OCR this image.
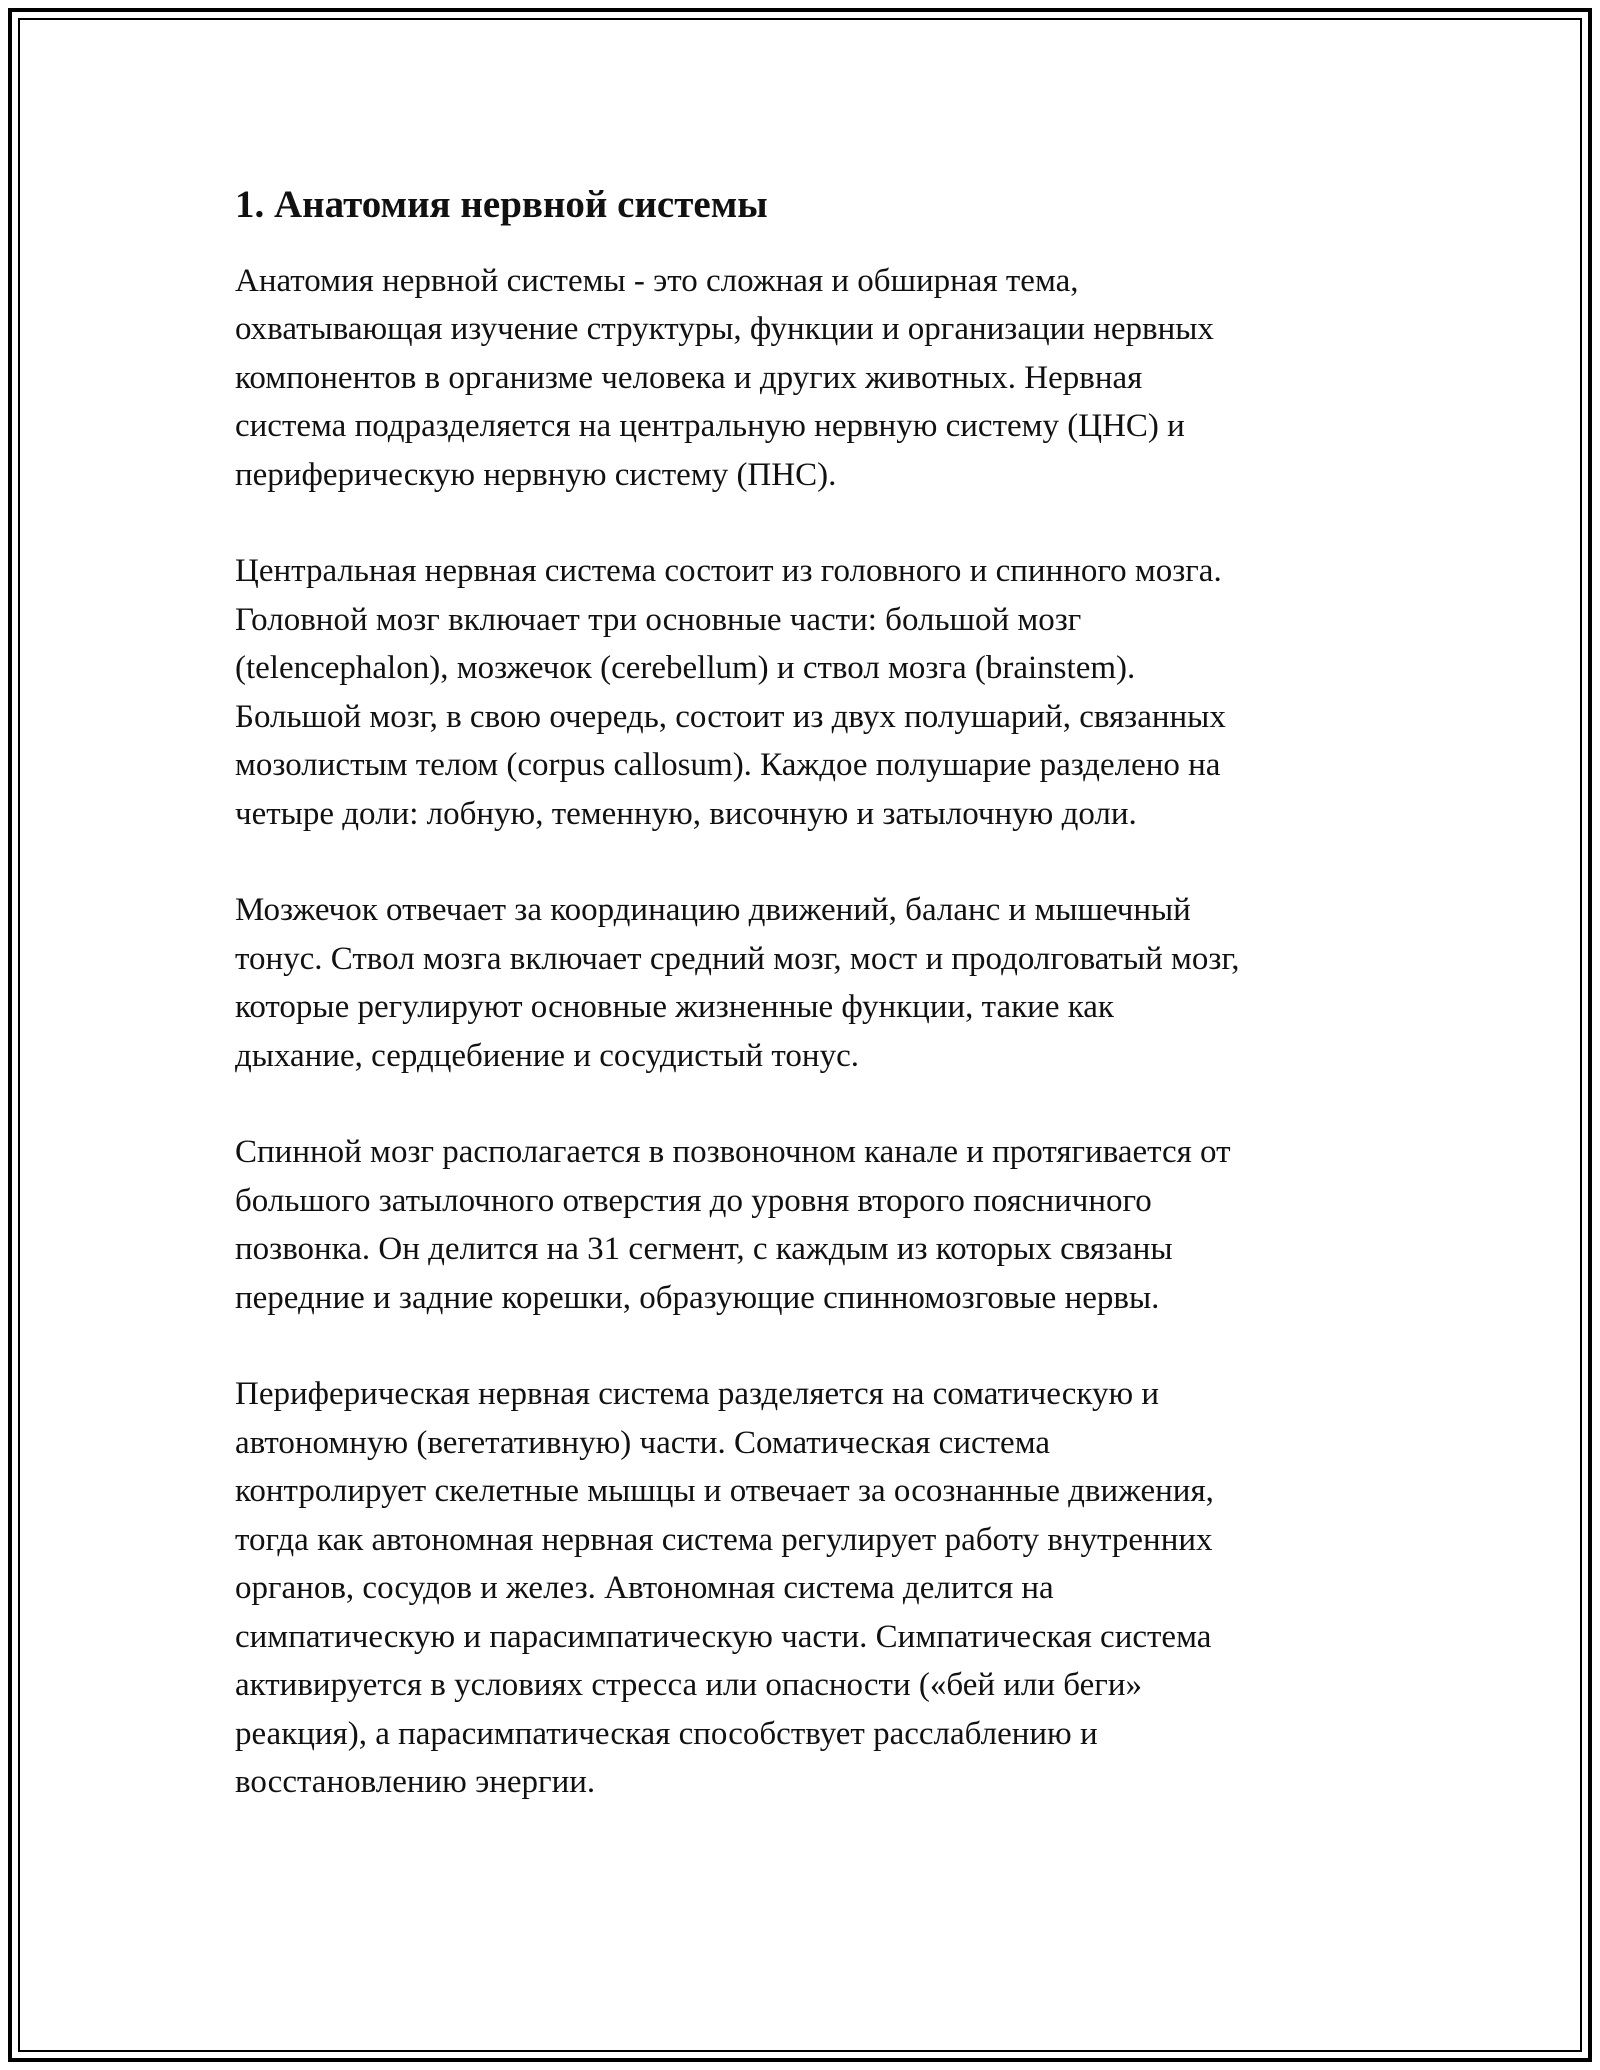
1. Анатомия нервной системы
Анатомия нервной системы - это сложная и обширная тема,
охватывающая изучение структуры, функции и организации нервных
компонентов в организме человека и других животных. Нервная
система подразделяется на центральную нервную систему (ЦНС) и
периферическую нервную систему (ПНС).
Центральная нервная система состоит из головного и спинного мозга.
Головной мозг включает три основные части: большой мозг
(telencephalon), мозжечок (cerebellum) и ствол мозга (brainstem).
Большой мозг, в свою очередь, состоит из двух полушарий, связанных
мозолистым телом (corpus callosum). Каждое полушарие разделено на
четыре доли: лобную, теменную, височную и затылочную доли.
Мозжечок отвечает за координацию движений, баланс и мышечный
тонус. Ствол мозга включает средний мозг, мост и продолговатый мозг,
которые регулируют основные жизненные функции, такие как
дыхание, сердцебиение и сосудистый тонус.
Спинной мозг располагается в позвоночном канале и протягивается от
большого затылочного отверстия до уровня второго поясничного
позвонка. Он делится на 31 сегмент, с каждым из которых связаны
передние и задние корешки, образующие спинномозговые нервы.
Периферическая нервная система разделяется на соматическую и
автономную (вегетативную) части. Соматическая система
контролирует скелетные мышцы и отвечает за осознанные движения,
тогда как автономная нервная система регулирует работу внутренних
органов, сосудов и желез. Автономная система делится на
симпатическую и парасимпатическую части. Симпатическая система
активируется в условиях стресса или опасности («бей или беги»
реакция), а парасимпатическая способствует расслаблению и
восстановлению энергии.
